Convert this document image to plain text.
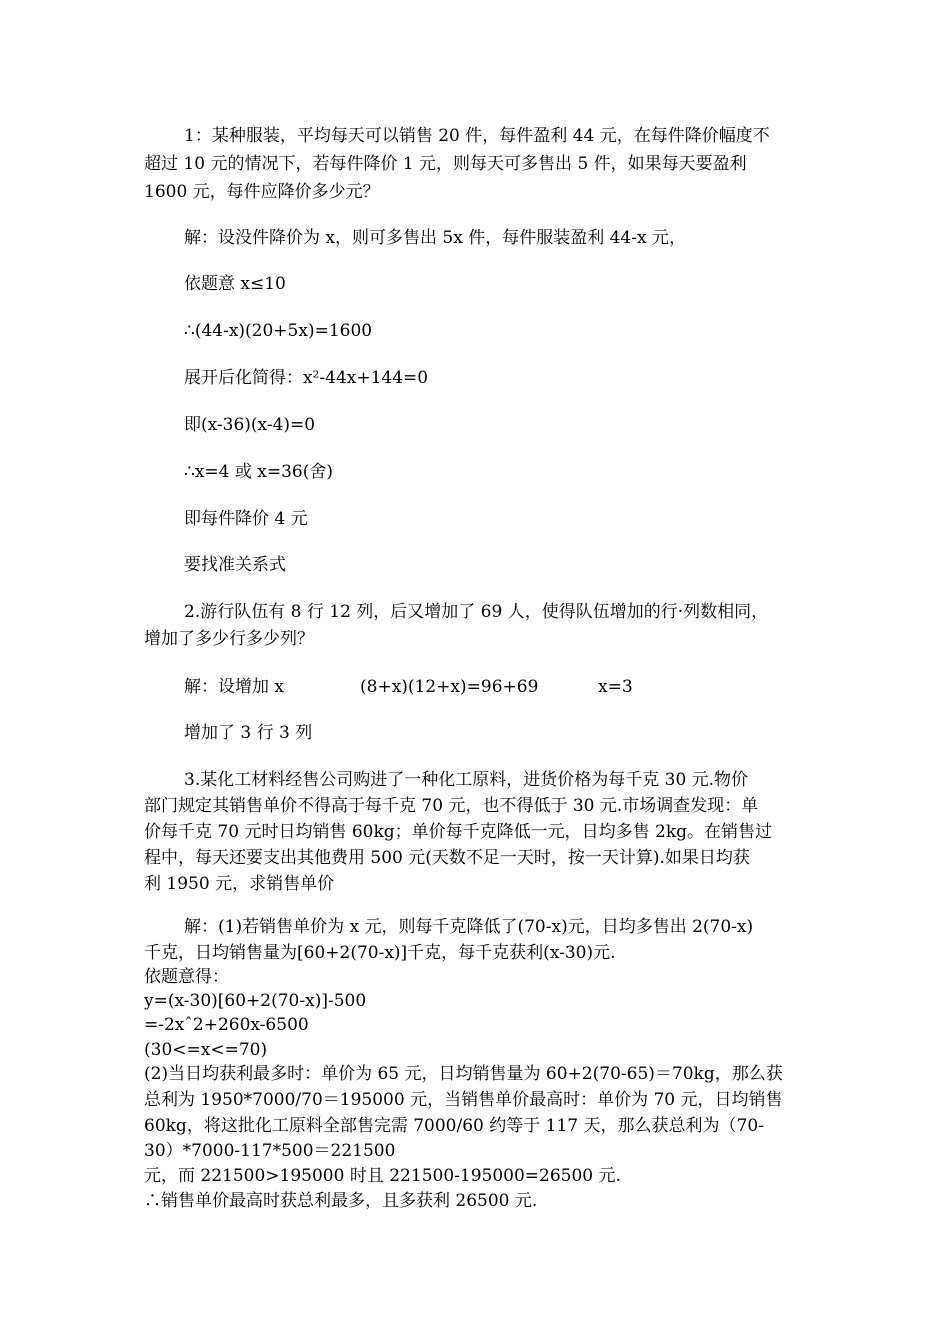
1：某种服装，平均每天可以销售 20 件，每件盈利 44 元，在每件降价幅度不
超过 10 元的情况下，若每件降价 1 元，则每天可多售出 5 件，如果每天要盈利
1600 元，每件应降价多少元？
解：设没件降价为 x，则可多售出 5x 件，每件服装盈利 44-x 元，
依题意 x≤10
∴(44-x)(20+5x)=1600
展开后化简得：x²-44x+144=0
即(x-36)(x-4)=0
∴x=4 或 x=36(舍)
即每件降价 4 元
要找准关系式
2.游行队伍有 8 行 12 列，后又增加了 69 人，使得队伍增加的行·列数相同，
增加了多少行多少列？
解：设增加 x	(8+x)(12+x)=96+69	x=3
增加了 3 行 3 列
3.某化工材料经售公司购进了一种化工原料，进货价格为每千克 30 元.物价
部门规定其销售单价不得高于每千克 70 元，也不得低于 30 元.市场调查发现：单
价每千克 70 元时日均销售 60kg；单价每千克降低一元，日均多售 2kg。在销售过
程中，每天还要支出其他费用 500 元(天数不足一天时，按一天计算).如果日均获
利 1950 元，求销售单价
解：(1)若销售单价为 x 元，则每千克降低了(70-x)元，日均多售出 2(70-x)
千克，日均销售量为[60+2(70-x)]千克，每千克获利(x-30)元.
依题意得：
y=(x-30)[60+2(70-x)]-500
=-2xˆ2+260x-6500
(30<=x<=70)
(2)当日均获利最多时：单价为 65 元，日均销售量为 60+2(70-65)＝70kg，那么获
总利为 1950*7000/70＝195000 元，当销售单价最高时：单价为 70 元，日均销售
60kg，将这批化工原料全部售完需 7000/60 约等于 117 天，那么获总利为（70-
30）*7000-117*500＝221500
元，而 221500>195000 时且 221500-195000=26500 元.
∴销售单价最高时获总利最多，且多获利 26500 元.
